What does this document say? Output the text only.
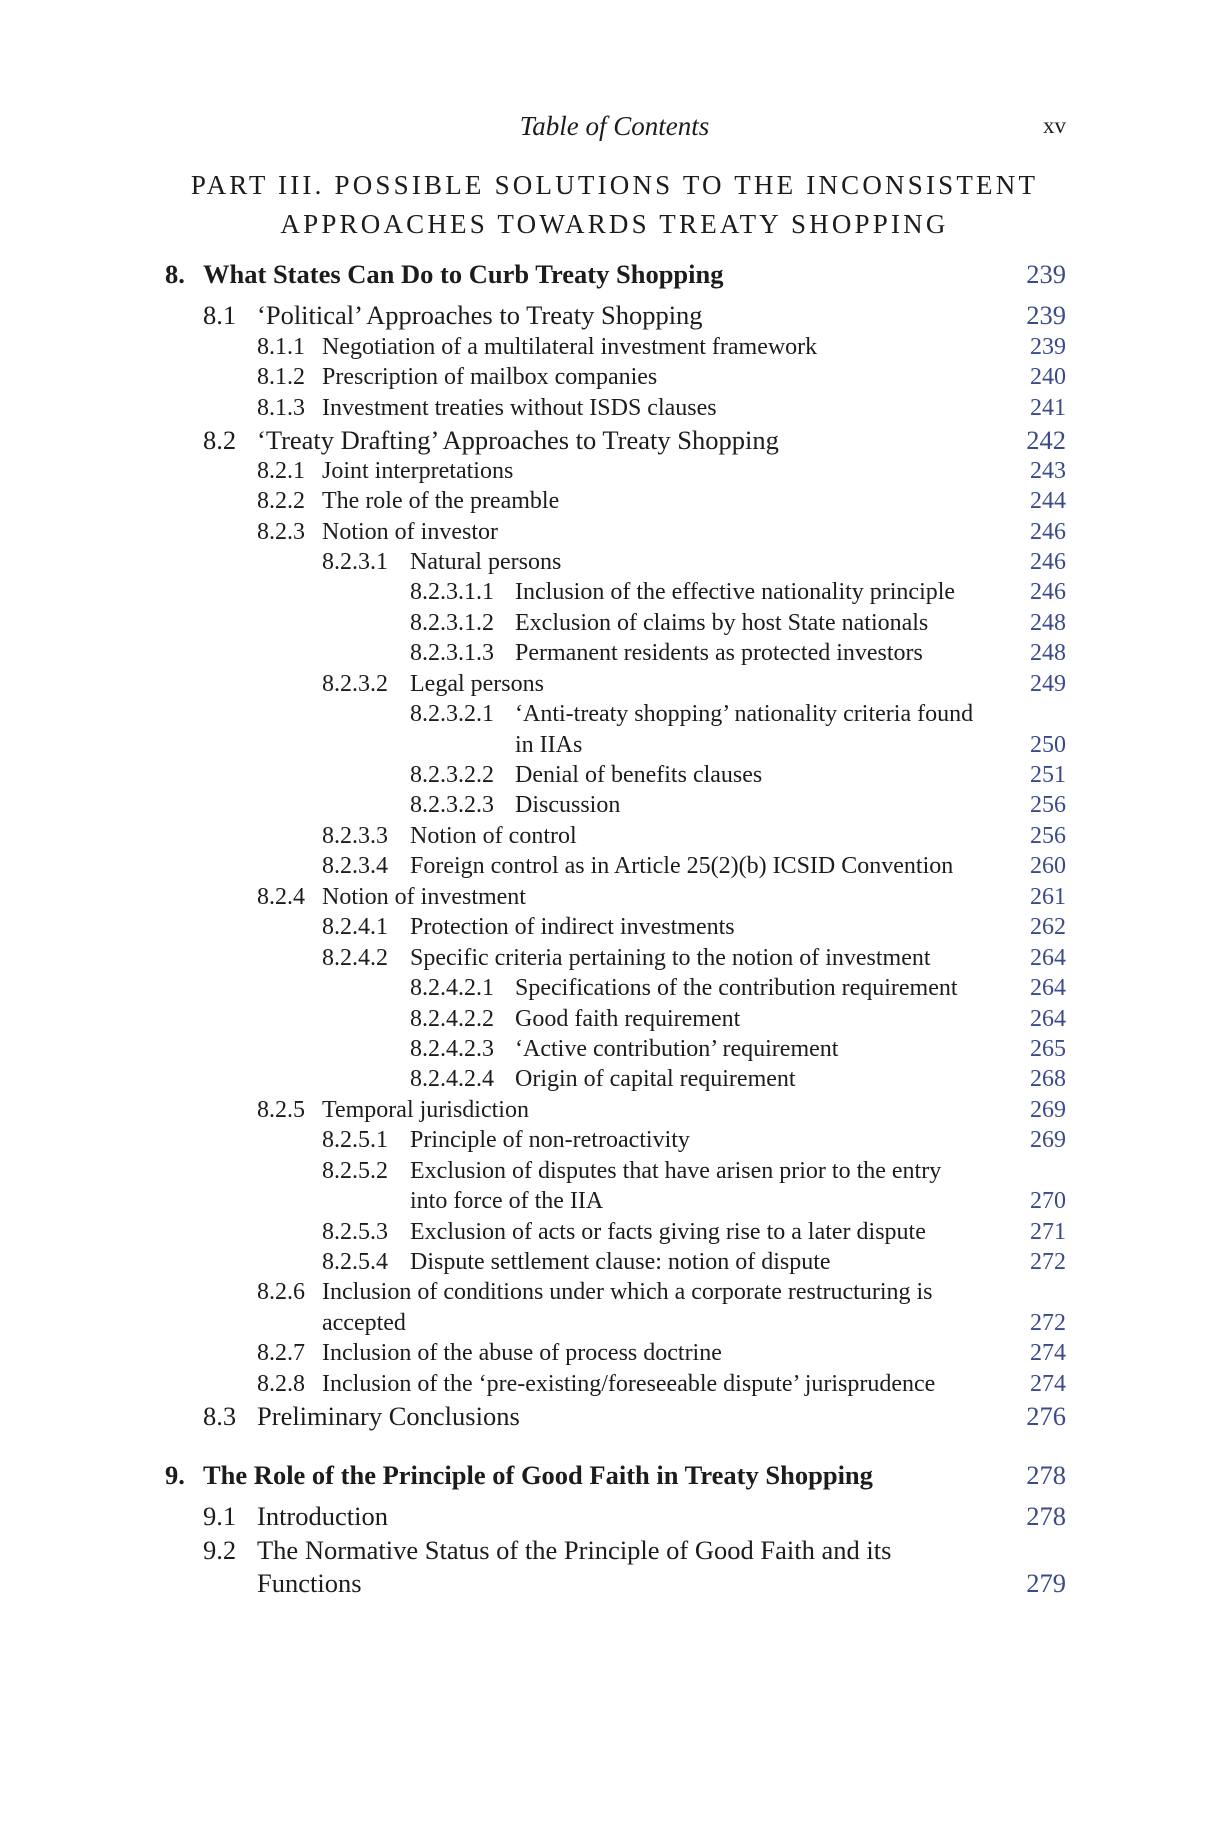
Table of Contents	xv
PART III. POSSIBLE SOLUTIONS TO THE INCONSISTENT
APPROACHES TOWARDS TREATY SHOPPING
8. What States Can Do to Curb Treaty Shopping	239
8.1 ‘Political’ Approaches to Treaty Shopping	239
8.1.1 Negotiation of a multilateral investment framework	239
8.1.2 Prescription of mailbox companies	240
8.1.3 Investment treaties without ISDS clauses	241
8.2 ‘Treaty Drafting’ Approaches to Treaty Shopping	242
8.2.1 Joint interpretations	243
8.2.2 The role of the preamble	244
8.2.3 Notion of investor	246
8.2.3.1 Natural persons	246
8.2.3.1.1 Inclusion of the effective nationality principle	246
8.2.3.1.2 Exclusion of claims by host State nationals	248
8.2.3.1.3 Permanent residents as protected investors	248
8.2.3.2 Legal persons	249
8.2.3.2.1 ‘Anti-treaty shopping’ nationality criteria found
in IIAs	250
8.2.3.2.2 Denial of benefits clauses	251
8.2.3.2.3 Discussion	256
8.2.3.3 Notion of control	256
8.2.3.4 Foreign control as in Article 25(2)(b) ICSID Convention	260
8.2.4 Notion of investment	261
8.2.4.1 Protection of indirect investments	262
8.2.4.2 Specific criteria pertaining to the notion of investment	264
8.2.4.2.1 Specifications of the contribution requirement	264
8.2.4.2.2 Good faith requirement	264
8.2.4.2.3 ‘Active contribution’ requirement	265
8.2.4.2.4 Origin of capital requirement	268
8.2.5 Temporal jurisdiction	269
8.2.5.1 Principle of non-retroactivity	269
8.2.5.2 Exclusion of disputes that have arisen prior to the entry
into force of the IIA	270
8.2.5.3 Exclusion of acts or facts giving rise to a later dispute	271
8.2.5.4 Dispute settlement clause: notion of dispute	272
8.2.6 Inclusion of conditions under which a corporate restructuring is
accepted	272
8.2.7 Inclusion of the abuse of process doctrine	274
8.2.8 Inclusion of the ‘pre-existing/foreseeable dispute’ jurisprudence	274
8.3 Preliminary Conclusions	276
9. The Role of the Principle of Good Faith in Treaty Shopping	278
9.1 Introduction	278
9.2 The Normative Status of the Principle of Good Faith and its
Functions	279
